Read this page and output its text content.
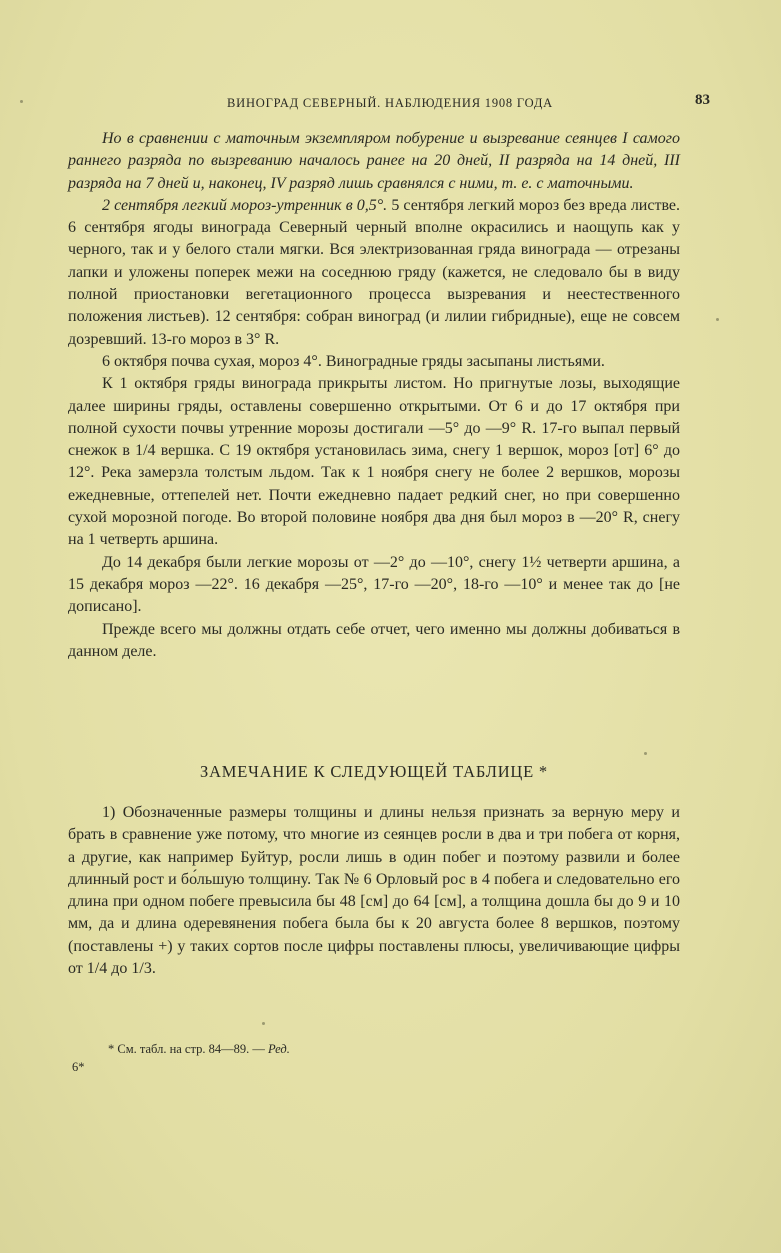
ВИНОГРАД СЕВЕРНЫЙ. НАБЛЮДЕНИЯ 1908 ГОДА	83

Но в сравнении с маточным экземпляром побурение и вызревание сеянцев I самого раннего разряда по вызреванию началось ранее на 20 дней, II разряда на 14 дней, III разряда на 7 дней и, наконец, IV разряд лишь сравнялся с ними, т. е. с маточными.

2 сентября легкий мороз-утренник в 0,5°. 5 сентября легкий мороз без вреда листве. 6 сентября ягоды винограда Северный черный вполне окрасились и наощупь как у черного, так и у белого стали мягки. Вся электризованная гряда винограда — отрезаны лапки и уложены поперек межи на соседнюю гряду (кажется, не следовало бы в виду полной приостановки вегетационного процесса вызревания и неестественного положения листьев). 12 сентября: собран виноград (и лилии гибридные), еще не совсем дозревший. 13-го мороз в 3° R.

6 октября почва сухая, мороз 4°. Виноградные гряды засыпаны листьями.

К 1 октября гряды винограда прикрыты листом. Но пригнутые лозы, выходящие далее ширины гряды, оставлены совершенно открытыми. От 6 и до 17 октября при полной сухости почвы утренние морозы достигали —5° до —9° R. 17-го выпал первый снежок в 1/4 вершка. С 19 октября установилась зима, снегу 1 вершок, мороз [от] 6° до 12°. Река замерзла толстым льдом. Так к 1 ноября снегу не более 2 вершков, морозы ежедневные, оттепелей нет. Почти ежедневно падает редкий снег, но при совершенно сухой морозной погоде. Во второй половине ноября два дня был мороз в —20° R, снегу на 1 четверть аршина.

До 14 декабря были легкие морозы от —2° до —10°, снегу 1½ четверти аршина, а 15 декабря мороз —22°. 16 декабря —25°, 17-го —20°, 18-го —10° и менее так до [не дописано].

Прежде всего мы должны отдать себе отчет, чего именно мы должны добиваться в данном деле.

ЗАМЕЧАНИЕ К СЛЕДУЮЩЕЙ ТАБЛИЦЕ *

1) Обозначенные размеры толщины и длины нельзя признать за верную меру и брать в сравнение уже потому, что многие из сеянцев росли в два и три побега от корня, а другие, как например Буйтур, росли лишь в один побег и поэтому развили и более длинный рост и бо́льшую толщину. Так № 6 Орловый рос в 4 побега и следовательно его длина при одном побеге превысила бы 48 [см] до 64 [см], а толщина дошла бы до 9 и 10 мм, да и длина одеревянения побега была бы к 20 августа более 8 вершков, поэтому (поставлены +) у таких сортов после цифры поставлены плюсы, увеличивающие цифры от 1/4 до 1/3.

* См. табл. на стр. 84—89. — Ред.
6*
